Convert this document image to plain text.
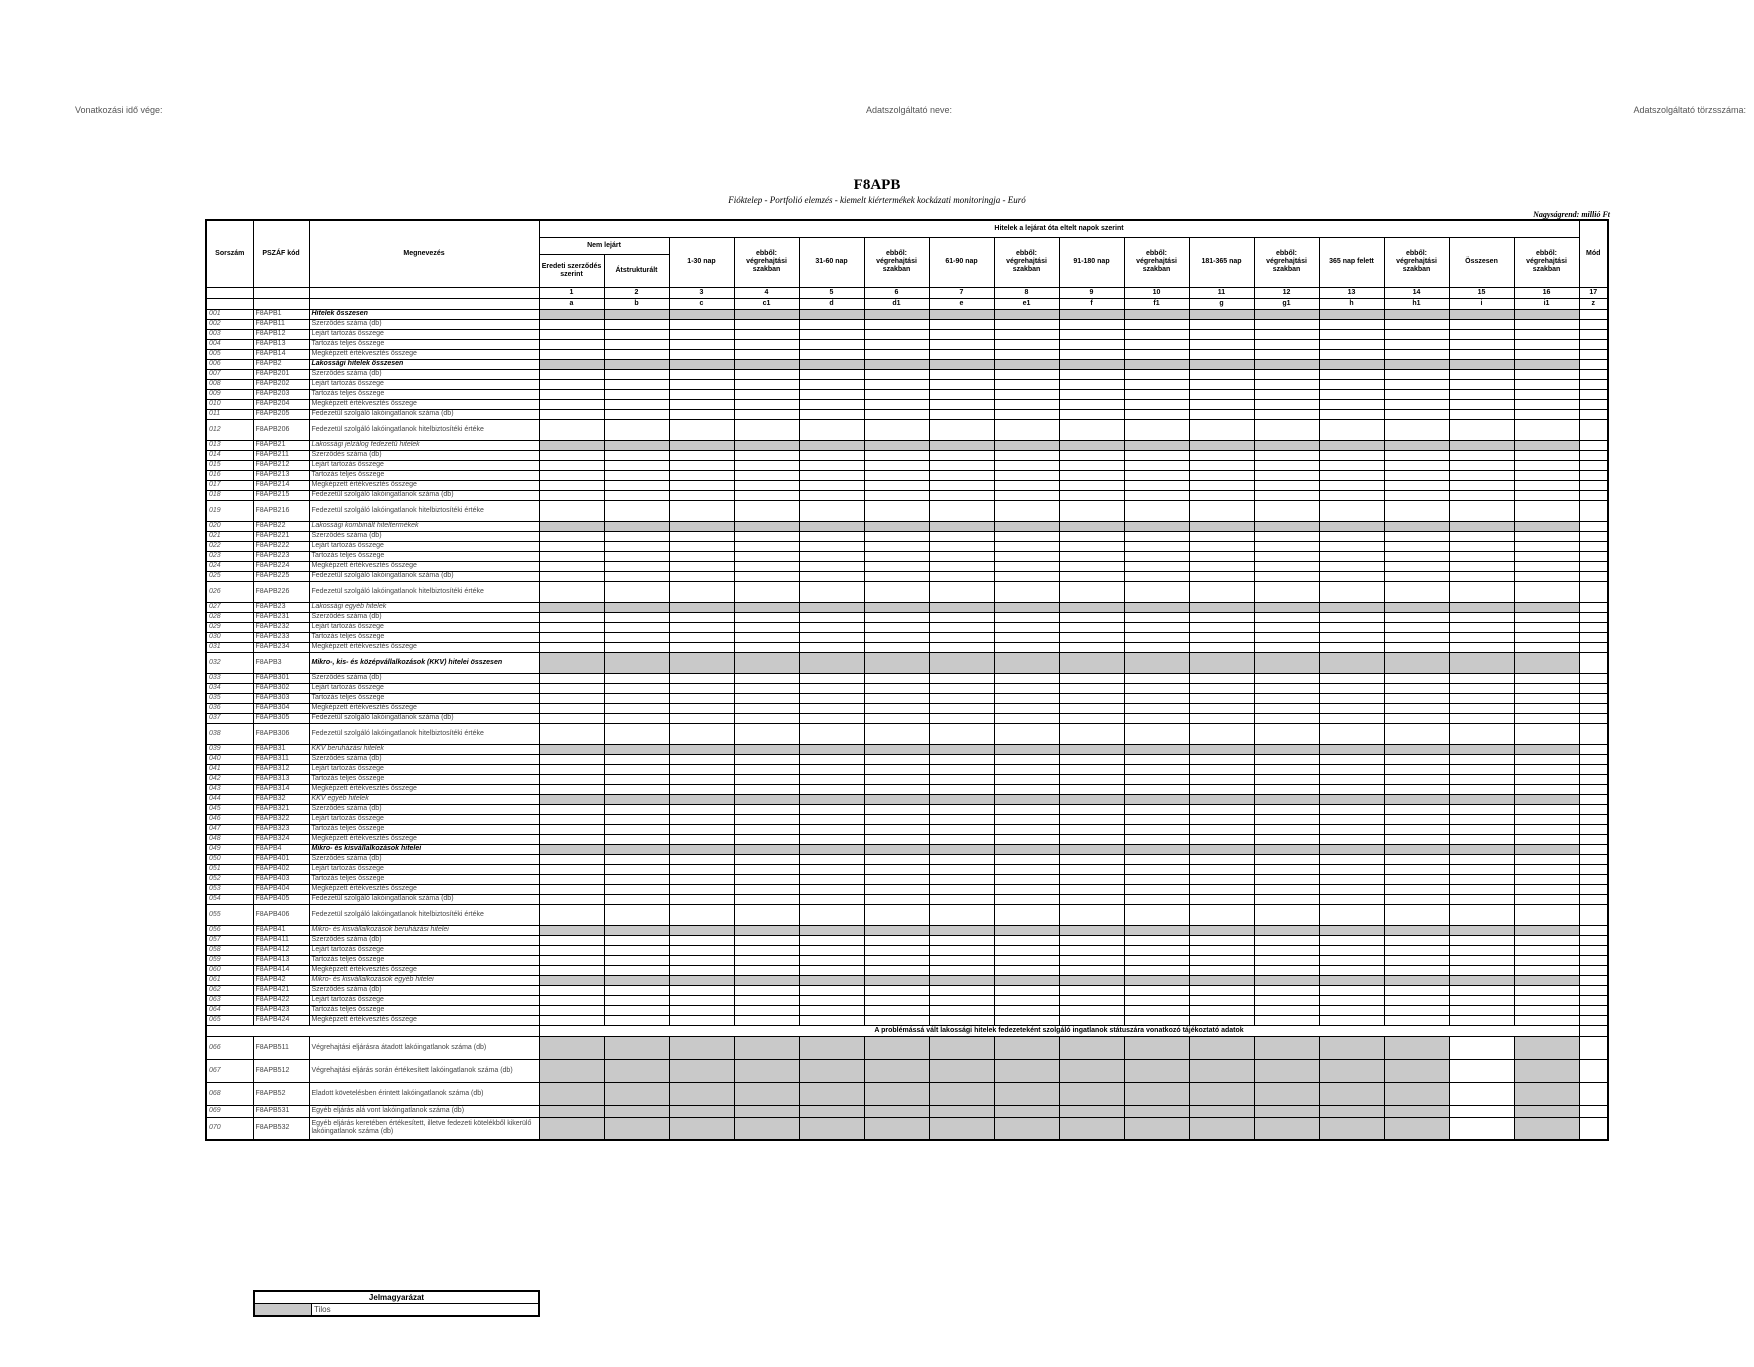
Vonatkozási idő vége:	Adatszolgáltató neve:	Adatszolgáltató törzsszáma:
F8APB
Fióktelep - Portfolió elemzés - kiemelt kiértermékek kockázati monitoringja - Euró
Nagyságrend: millió Ft
Sorszám	PSZÁF kód	Megnevezés	Hitelek a lejárat óta eltelt napok szerint																Mód
			Nem lejárt		1-30 nap	ebből: végrehajtási szakban	31-60 nap	ebből: végrehajtási szakban	61-90 nap	ebből: végrehajtási szakban	91-180 nap	ebből: végrehajtási szakban	181-365 nap	ebből: végrehajtási szakban	365 nap felett	ebből: végrehajtási szakban	Összesen	ebből: végrehajtási szakban	
			Eredeti szerződés szerint	Átstrukturált															
			1	2	3	4	5	6	7	8	9	10	11	12	13	14	15	16	17
			a	b	c	c1	d	d1	e	e1	f	f1	g	g1	h	h1	i	i1	z
001	F8APB1	Hitelek összesen																	
002	F8APB11	Szerződés száma (db)																	
003	F8APB12	Lejárt tartozás összege																	
004	F8APB13	Tartozás teljes összege																	
005	F8APB14	Megképzett értékvesztés összege																	
006	F8APB2	Lakossági hitelek összesen																	
007	F8APB201	Szerződés száma (db)																	
008	F8APB202	Lejárt tartozás összege																	
009	F8APB203	Tartozás teljes összege																	
010	F8APB204	Megképzett értékvesztés összege																	
011	F8APB205	Fedezetül szolgáló lakóingatlanok száma (db)																	
012	F8APB206	Fedezetül szolgáló lakóingatlanok hitelbiztosítéki értéke																	
013	F8APB21	Lakossági jelzálog fedezetű hitelek																	
014	F8APB211	Szerződés száma (db)																	
015	F8APB212	Lejárt tartozás összege																	
016	F8APB213	Tartozás teljes összege																	
017	F8APB214	Megképzett értékvesztés összege																	
018	F8APB215	Fedezetül szolgáló lakóingatlanok száma (db)																	
019	F8APB216	Fedezetül szolgáló lakóingatlanok hitelbiztosítéki értéke																	
020	F8APB22	Lakossági kombinált hiteltermékek																	
021	F8APB221	Szerződés száma (db)																	
022	F8APB222	Lejárt tartozás összege																	
023	F8APB223	Tartozás teljes összege																	
024	F8APB224	Megképzett értékvesztés összege																	
025	F8APB225	Fedezetül szolgáló lakóingatlanok száma (db)																	
026	F8APB226	Fedezetül szolgáló lakóingatlanok hitelbiztosítéki értéke																	
027	F8APB23	Lakossági egyéb hitelek																	
028	F8APB231	Szerződés száma (db)																	
029	F8APB232	Lejárt tartozás összege																	
030	F8APB233	Tartozás teljes összege																	
031	F8APB234	Megképzett értékvesztés összege																	
032	F8APB3	Mikro-, kis- és középvállalkozások (KKV) hitelei összesen																	
033	F8APB301	Szerződés száma (db)																	
034	F8APB302	Lejárt tartozás összege																	
035	F8APB303	Tartozás teljes összege																	
036	F8APB304	Megképzett értékvesztés összege																	
037	F8APB305	Fedezetül szolgáló lakóingatlanok száma (db)																	
038	F8APB306	Fedezetül szolgáló lakóingatlanok hitelbiztosítéki értéke																	
039	F8APB31	KKV beruházási hitelek																	
040	F8APB311	Szerződés száma (db)																	
041	F8APB312	Lejárt tartozás összege																	
042	F8APB313	Tartozás teljes összege																	
043	F8APB314	Megképzett értékvesztés összege																	
044	F8APB32	KKV egyéb hitelek																	
045	F8APB321	Szerződés száma (db)																	
046	F8APB322	Lejárt tartozás összege																	
047	F8APB323	Tartozás teljes összege																	
048	F8APB324	Megképzett értékvesztés összege																	
049	F8APB4	Mikro- és kisvállalkozások hitelei																	
050	F8APB401	Szerződés száma (db)																	
051	F8APB402	Lejárt tartozás összege																	
052	F8APB403	Tartozás teljes összege																	
053	F8APB404	Megképzett értékvesztés összege																	
054	F8APB405	Fedezetül szolgáló lakóingatlanok száma (db)																	
055	F8APB406	Fedezetül szolgáló lakóingatlanok hitelbiztosítéki értéke																	
056	F8APB41	Mikro- és kisvállalkozások beruházási hitelei																	
057	F8APB411	Szerződés száma (db)																	
058	F8APB412	Lejárt tartozás összege																	
059	F8APB413	Tartozás teljes összege																	
060	F8APB414	Megképzett értékvesztés összege																	
061	F8APB42	Mikro- és kisvállalkozások egyéb hitelei																	
062	F8APB421	Szerződés száma (db)																	
063	F8APB422	Lejárt tartozás összege																	
064	F8APB423	Tartozás teljes összege																	
065	F8APB424	Megképzett értékvesztés összege																	
			A problémássá vált lakossági hitelek fedezeteként szolgáló ingatlanok státuszára vonatkozó tájékoztató adatok																
066	F8APB511	Végrehajtási eljárásra átadott lakóingatlanok száma (db)																	
067	F8APB512	Végrehajtási eljárás során értékesített lakóingatlanok száma (db)																	
068	F8APB52	Eladott követelésben érintett lakóingatlanok száma (db)																	
069	F8APB531	Egyéb eljárás alá vont lakóingatlanok száma (db)																	
070	F8APB532	Egyéb eljárás keretében értékesített, illetve fedezeti kötelékből kikerülő lakóingatlanok száma (db)																	
Jelmagyarázat
	Tilos
